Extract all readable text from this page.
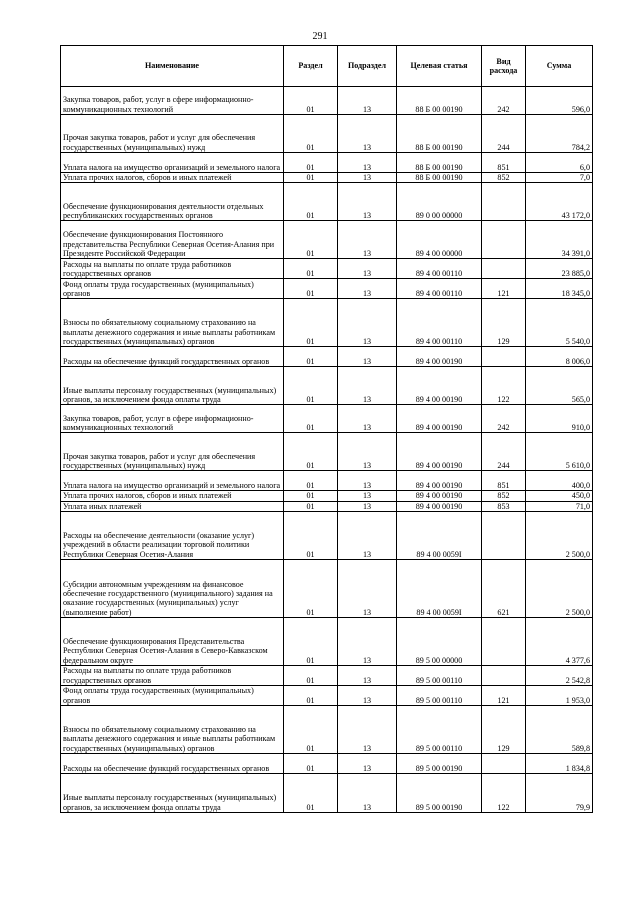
291
Наименование	Раздел	Подраздел	Целевая статья	Вид расхода	Сумма
Закупка товаров, работ, услуг в сфере информационно-коммуникационных технологий	01	13	88 Б 00 00190	242	596,0
Прочая закупка товаров, работ и услуг для обеспечения государственных (муниципальных) нужд	01	13	88 Б 00 00190	244	784,2
Уплата налога на имущество организаций и земельного налога	01	13	88 Б 00 00190	851	6,0
Уплата прочих налогов, сборов и иных платежей	01	13	88 Б 00 00190	852	7,0
Обеспечение функционирования деятельности отдельных республиканских государственных органов	01	13	89 0 00 00000		43 172,0
Обеспечение функционирования Постоянного представительства Республики Северная Осетия-Алания при Президенте Российской Федерации	01	13	89 4 00 00000		34 391,0
Расходы на выплаты по оплате труда работников государственных органов	01	13	89 4 00 00110		23 885,0
Фонд оплаты труда государственных (муниципальных) органов	01	13	89 4 00 00110	121	18 345,0
Взносы по обязательному социальному страхованию на выплаты денежного содержания и иные выплаты работникам государственных (муниципальных) органов	01	13	89 4 00 00110	129	5 540,0
Расходы на обеспечение функций государственных органов	01	13	89 4 00 00190		8 006,0
Иные выплаты персоналу государственных (муниципальных) органов, за исключением фонда оплаты труда	01	13	89 4 00 00190	122	565,0
Закупка товаров, работ, услуг в сфере информационно-коммуникационных технологий	01	13	89 4 00 00190	242	910,0
Прочая закупка товаров, работ и услуг для обеспечения государственных (муниципальных) нужд	01	13	89 4 00 00190	244	5 610,0
Уплата налога на имущество организаций и земельного налога	01	13	89 4 00 00190	851	400,0
Уплата прочих налогов, сборов и иных платежей	01	13	89 4 00 00190	852	450,0
Уплата иных платежей	01	13	89 4 00 00190	853	71,0
Расходы на обеспечение деятельности (оказание услуг) учреждений в области реализации торговой политики Республики Северная Осетия-Алания	01	13	89 4 00 0059I		2 500,0
Субсидии автономным учреждениям на финансовое обеспечение государственного (муниципального) задания на оказание государственных (муниципальных) услуг (выполнение работ)	01	13	89 4 00 0059I	621	2 500,0
Обеспечение функционирования Представительства Республики Северная Осетия-Алания в Северо-Кавказском федеральном округе	01	13	89 5 00 00000		4 377,6
Расходы на выплаты по оплате труда работников государственных органов	01	13	89 5 00 00110		2 542,8
Фонд оплаты труда государственных (муниципальных) органов	01	13	89 5 00 00110	121	1 953,0
Взносы по обязательному социальному страхованию на выплаты денежного содержания и иные выплаты работникам государственных (муниципальных) органов	01	13	89 5 00 00110	129	589,8
Расходы на обеспечение функций государственных органов	01	13	89 5 00 00190		1 834,8
Иные выплаты персоналу государственных (муниципальных) органов, за исключением фонда оплаты труда	01	13	89 5 00 00190	122	79,9
